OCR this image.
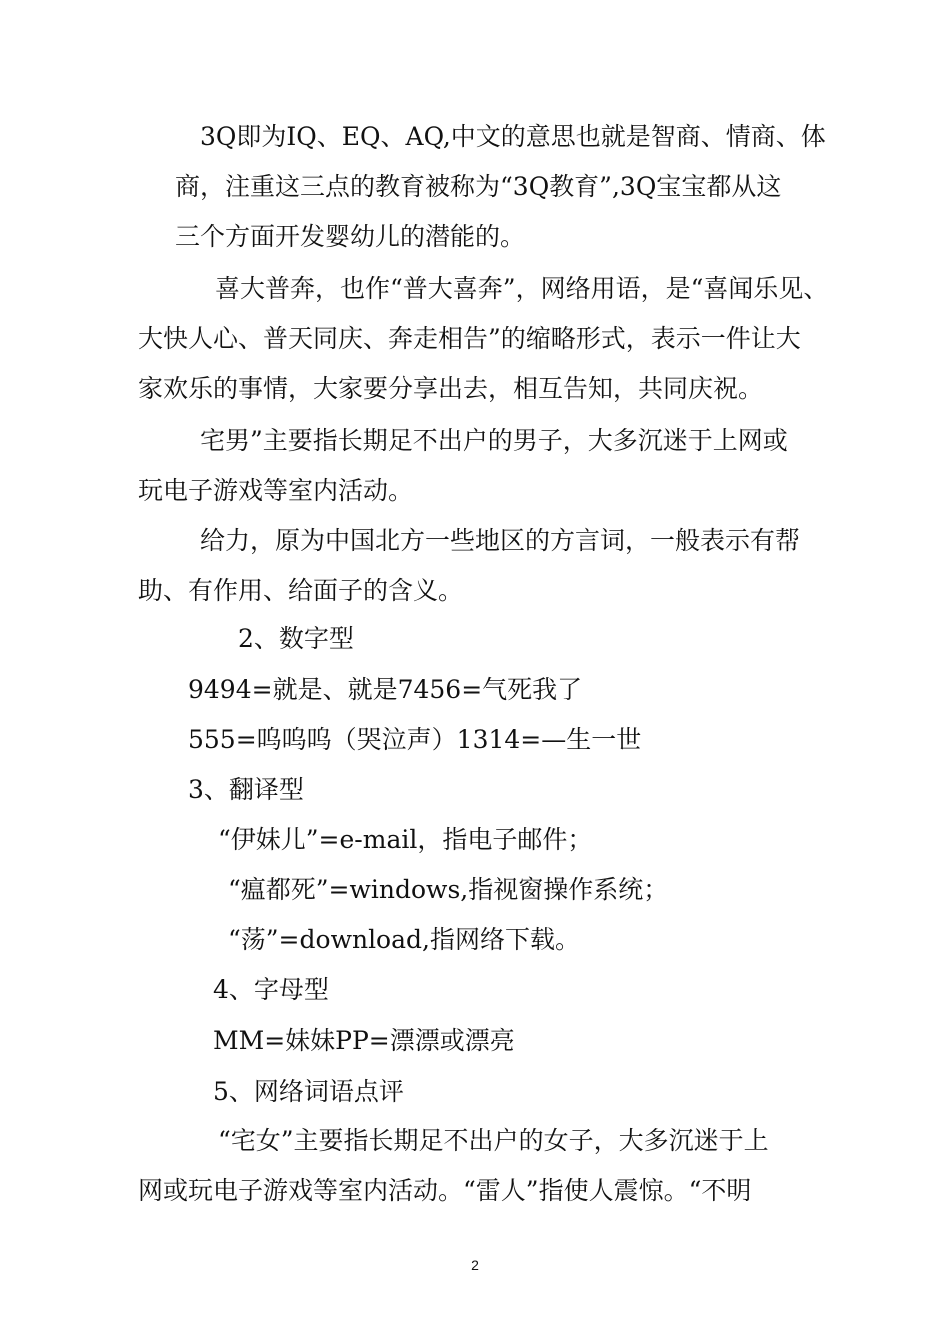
3Q即为IQ、EQ、AQ,中文的意思也就是智商、情商、体
商，注重这三点的教育被称为“3Q教育”,3Q宝宝都从这
三个方面开发婴幼儿的潜能的。
喜大普奔，也作“普大喜奔”，网络用语，是“喜闻乐见、
大快人心、普天同庆、奔走相告”的缩略形式，表示一件让大
家欢乐的事情，大家要分享出去，相互告知，共同庆祝。
宅男”主要指长期足不出户的男子，大多沉迷于上网或
玩电子游戏等室内活动。
给力，原为中国北方一些地区的方言词，一般表示有帮
助、有作用、给面子的含义。
2、数字型
9494=就是、就是7456=气死我了
555=呜呜呜（哭泣声）1314=—生一世
3、翻译型
“伊妹儿”=e-mail，指电子邮件；
“瘟都死”=windows,指视窗操作系统；
“荡”=download,指网络下载。
4、字母型
MM=妹妹PP=漂漂或漂亮
5、网络词语点评
“宅女”主要指长期足不出户的女子，大多沉迷于上
网或玩电子游戏等室内活动。“雷人”指使人震惊。“不明
2
